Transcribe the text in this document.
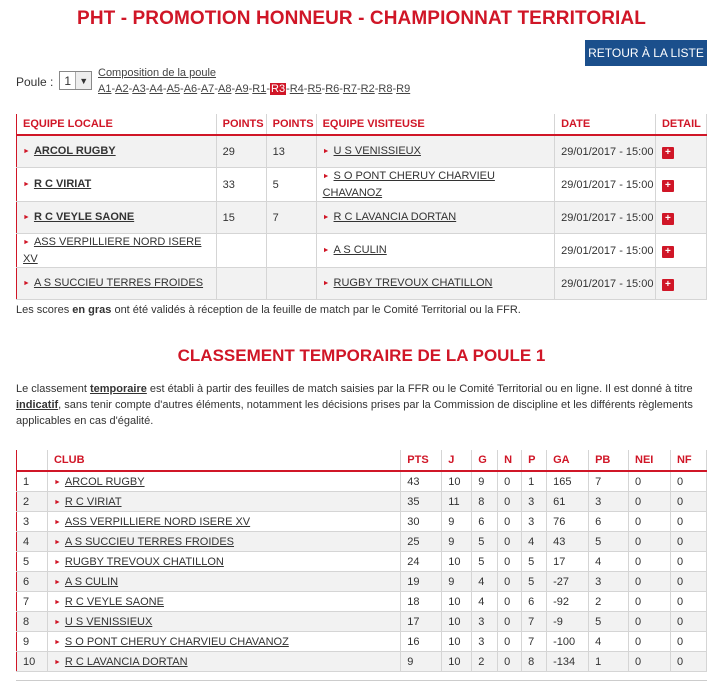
PHT - PROMOTION HONNEUR - CHAMPIONNAT TERRITORIAL
RETOUR À LA LISTE
Poule : 1 ▼
Composition de la poule
A1-A2-A3-A4-A5-A6-A7-A8-A9-R1-R3-R4-R5-R6-R7-R2-R8-R9
EQUIPE LOCALE	POINTS	POINTS	EQUIPE VISITEUSE	DATE	DETAIL
► ARCOL RUGBY	29	13	► U S VENISSIEUX	29/01/2017 - 15:00	+
► R C VIRIAT	33	5	► S O PONT CHERUY CHARVIEU CHAVANOZ	29/01/2017 - 15:00	+
► R C VEYLE SAONE	15	7	► R C LAVANCIA DORTAN	29/01/2017 - 15:00	+
► ASS VERPILLIERE NORD ISERE XV			► A S CULIN	29/01/2017 - 15:00	+
► A S SUCCIEU TERRES FROIDES			► RUGBY TREVOUX CHATILLON	29/01/2017 - 15:00	+
Les scores en gras ont été validés à réception de la feuille de match par le Comité Territorial ou la FFR.
CLASSEMENT TEMPORAIRE DE LA POULE 1
Le classement temporaire est établi à partir des feuilles de match saisies par la FFR ou le Comité Territorial ou en ligne. Il est donné à titre indicatif, sans tenir compte d'autres éléments, notamment les décisions prises par la Commission de discipline et les différents règlements applicables en cas d'égalité.
	CLUB	PTS	J	G	N	P	GA	PB	NEI	NF
1	► ARCOL RUGBY	43	10	9	0	1	165	7	0	0
2	► R C VIRIAT	35	11	8	0	3	61	3	0	0
3	► ASS VERPILLIERE NORD ISERE XV	30	9	6	0	3	76	6	0	0
4	► A S SUCCIEU TERRES FROIDES	25	9	5	0	4	43	5	0	0
5	► RUGBY TREVOUX CHATILLON	24	10	5	0	5	17	4	0	0
6	► A S CULIN	19	9	4	0	5	-27	3	0	0
7	► R C VEYLE SAONE	18	10	4	0	6	-92	2	0	0
8	► U S VENISSIEUX	17	10	3	0	7	-9	5	0	0
9	► S O PONT CHERUY CHARVIEU CHAVANOZ	16	10	3	0	7	-100	4	0	0
10	► R C LAVANCIA DORTAN	9	10	2	0	8	-134	1	0	0
